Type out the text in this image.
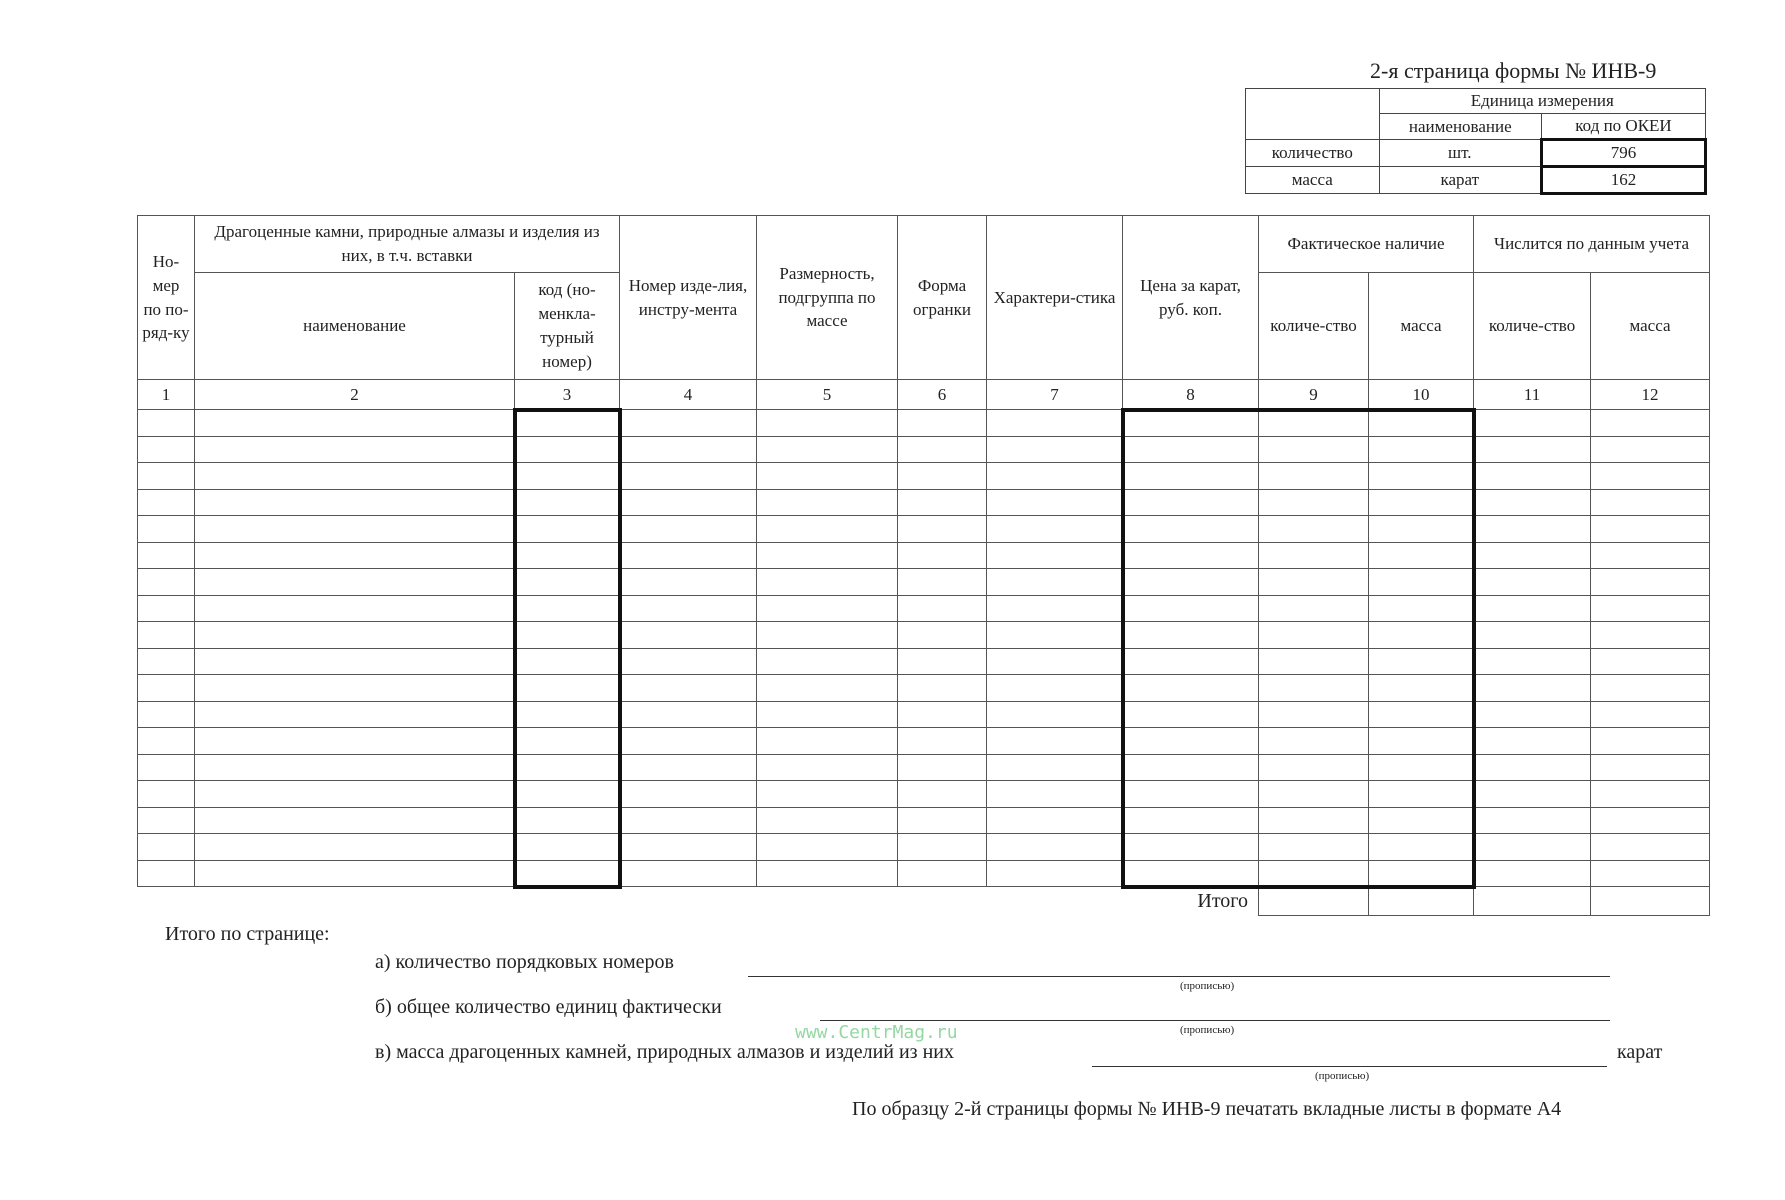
2-я страница формы № ИНВ-9
	Единица измерения	
	наименование	код по ОКЕИ
количество	шт.	796
масса	карат	162
Но-мер по по-ряд-ку	Драгоценные камни, природные алмазы и изделия из них, в т.ч. вставки		Номер изде-лия, инстру-мента	Размерность, подгруппа по массе	Форма огранки	Характери-стика	Цена за карат, руб. коп.	Фактическое наличие		Числится по данным учета	
	наименование	код (но-менкла-турный номер)						количе-ство	масса	количе-ство	масса
1	2	3	4	5	6	7	8	9	10	11	12

Итого											
Итого по странице:
а) количество порядковых номеров
(прописью)
б) общее количество единиц фактически
(прописью)
в) масса драгоценных камней, природных алмазов и изделий из них
(прописью)
карат
www.CentrMag.ru
По образцу 2-й страницы формы № ИНВ-9 печатать вкладные листы в формате А4
